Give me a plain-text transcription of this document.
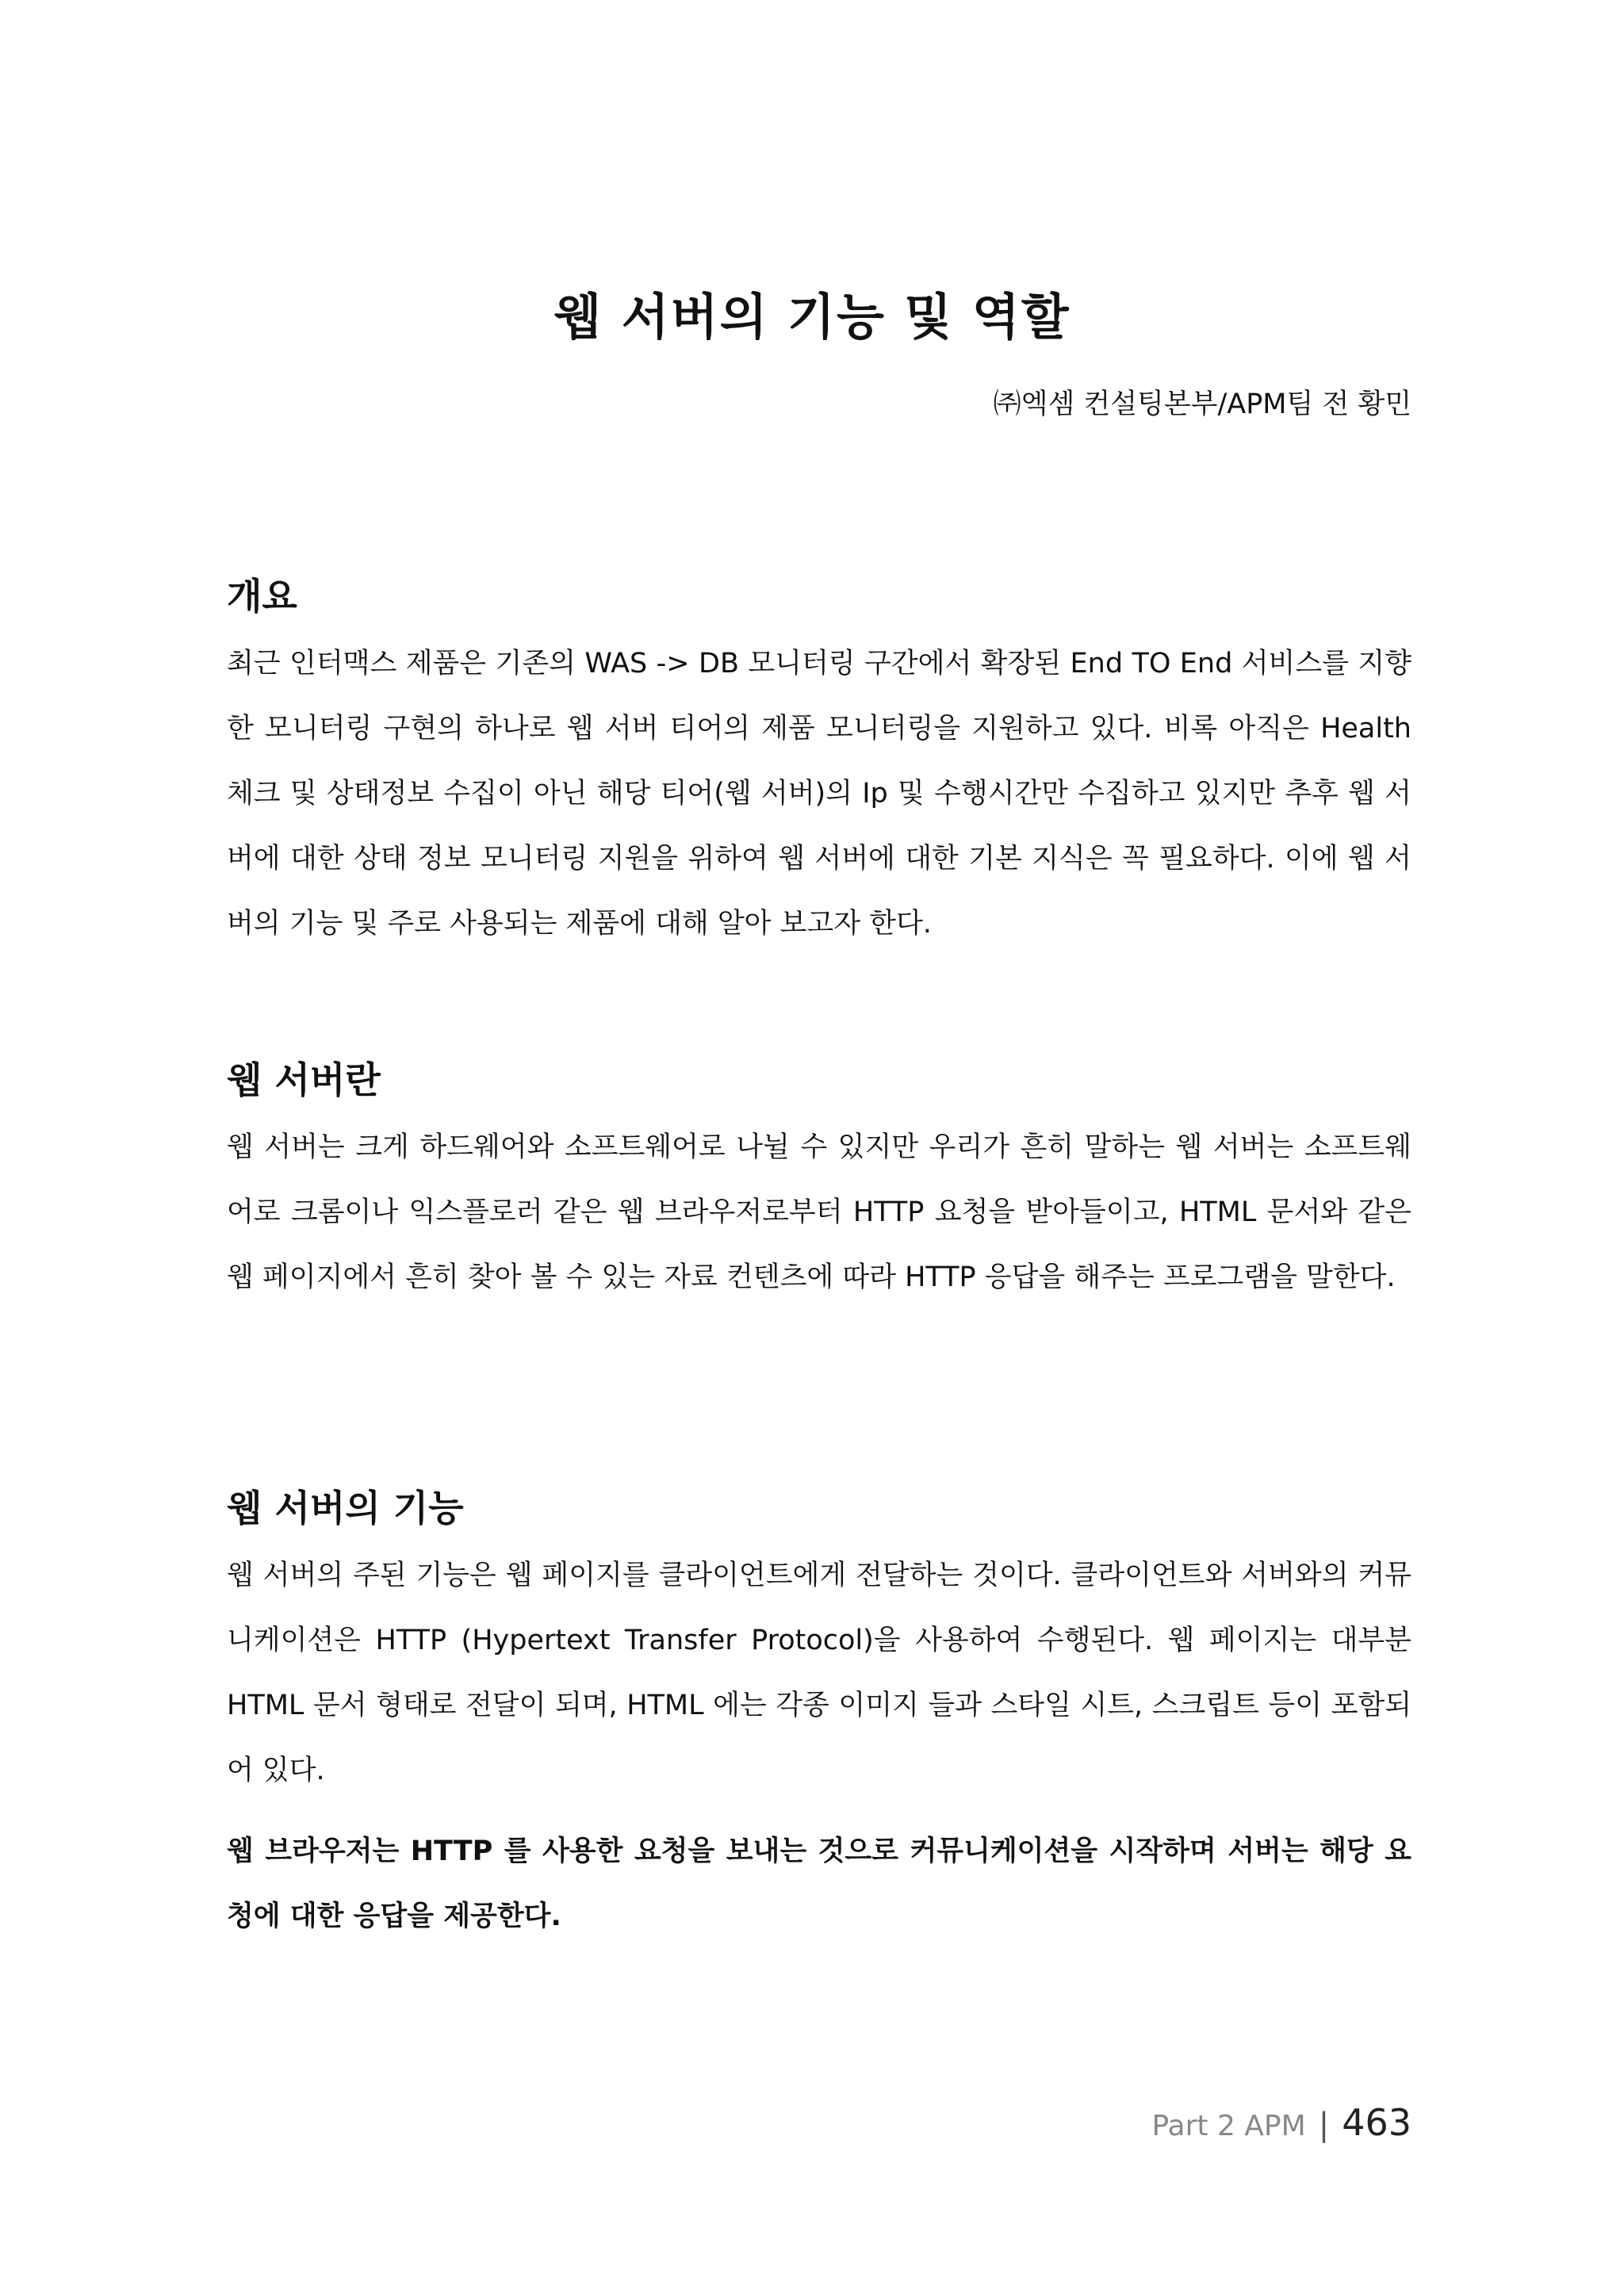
웹 서버의 기능 및 역할

㈜엑셈 컨설팅본부/APM팀 전 황민

개요

최근 인터맥스 제품은 기존의 WAS -> DB 모니터링 구간에서 확장된 End TO End 서비스를 지향한 모니터링 구현의 하나로 웹 서버 티어의 제품 모니터링을 지원하고 있다. 비록 아직은 Health 체크 및 상태정보 수집이 아닌 해당 티어(웹 서버)의 Ip 및 수행시간만 수집하고 있지만 추후 웹 서버에 대한 상태 정보 모니터링 지원을 위하여 웹 서버에 대한 기본 지식은 꼭 필요하다. 이에 웹 서버의 기능 및 주로 사용되는 제품에 대해 알아 보고자 한다.

웹 서버란

웹 서버는 크게 하드웨어와 소프트웨어로 나뉠 수 있지만 우리가 흔히 말하는 웹 서버는 소프트웨어로 크롬이나 익스플로러 같은 웹 브라우저로부터 HTTP 요청을 받아들이고, HTML 문서와 같은 웹 페이지에서 흔히 찾아 볼 수 있는 자료 컨텐츠에 따라 HTTP 응답을 해주는 프로그램을 말한다.

웹 서버의 기능

웹 서버의 주된 기능은 웹 페이지를 클라이언트에게 전달하는 것이다. 클라이언트와 서버와의 커뮤니케이션은 HTTP (Hypertext Transfer Protocol)을 사용하여 수행된다. 웹 페이지는 대부분 HTML 문서 형태로 전달이 되며, HTML 에는 각종 이미지 들과 스타일 시트, 스크립트 등이 포함되어 있다.

웹 브라우저는 HTTP 를 사용한 요청을 보내는 것으로 커뮤니케이션을 시작하며 서버는 해당 요청에 대한 응답을 제공한다.

Part 2 APM | 463
